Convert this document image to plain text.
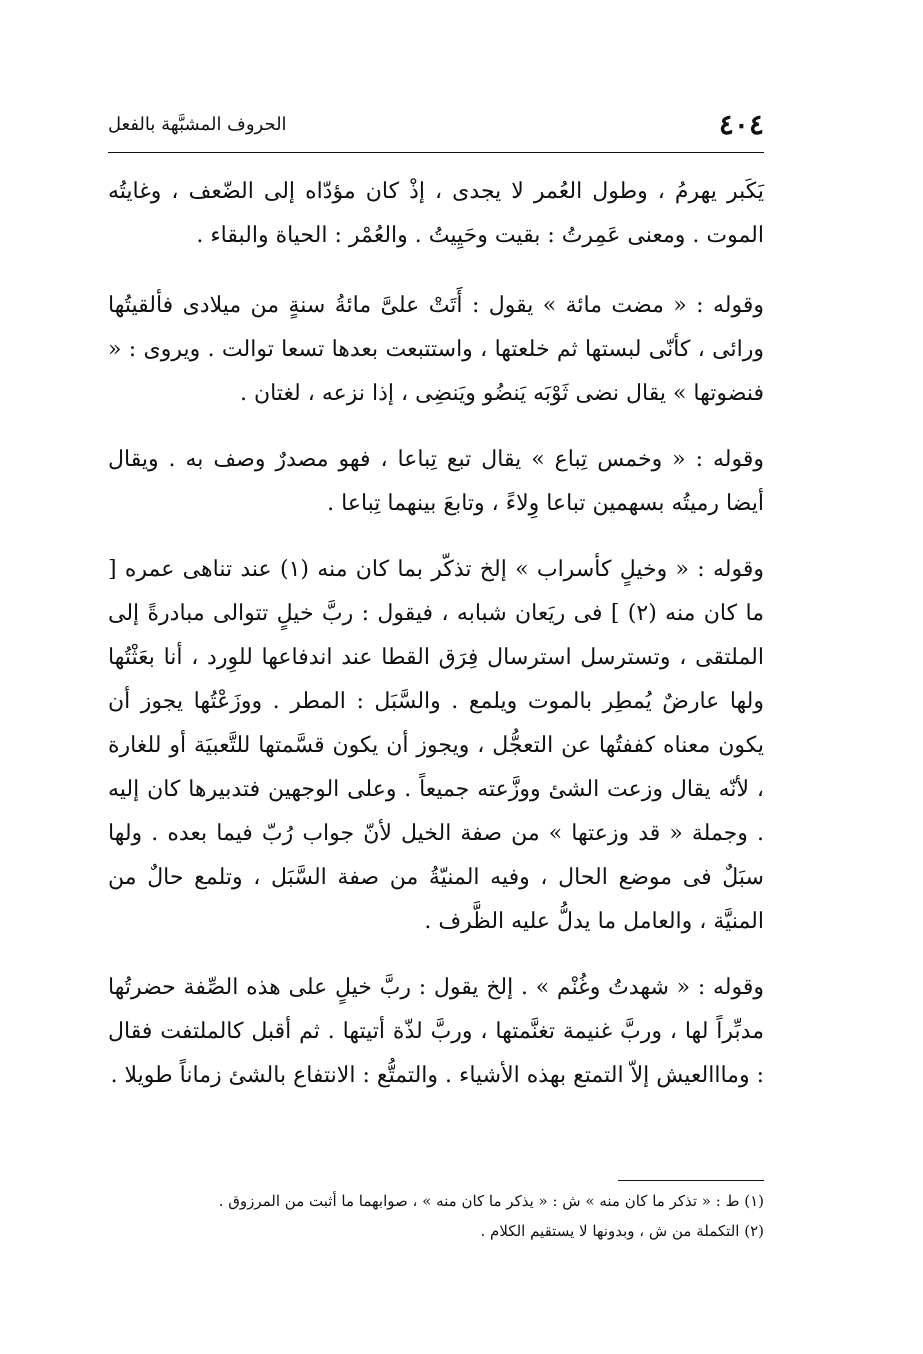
٤٠٤
الحروف المشبَّهة بالفعل

يَكَبر يهرمُ ، وطول العُمر لا يجدى ، إذْ كان مؤدّاه إلى الضّعف ، وغايتُه الموت . ومعنى عَمِرتُ : بقيت وحَيِيتُ . والعُمْر : الحياة والبقاء .

وقوله : « مضت مائة » يقول : أَتَتْ علىَّ مائةُ سنةٍ من ميلادى فألقيتُها ورائى ، كأنّى لبستها ثم خلعتها ، واستتبعت بعدها تسعا توالت . ويروى : « فنضوتها » يقال نضى ثَوْبَه يَنضُو ويَنضِى ، إذا نزعه ، لغتان .

وقوله : « وخمس تِباع » يقال تبع تِباعا ، فهو مصدرٌ وصف به . ويقال أيضا رميتُه بسهمين تباعا وِلاءً ، وتابعَ بينهما تِباعا .

وقوله : « وخيلٍ كأسراب » إلخ تذكّر بما كان منه (١) عند تناهى عمره [ ما كان منه (٢) ] فى ريَعان شبابه ، فيقول : ربَّ خيلٍ تتوالى مبادرةً إلى الملتقى ، وتسترسل استرسال فِرَق القطا عند اندفاعها للوِرد ، أنا بعَثْتُها ولها عارضٌ يُمطِر بالموت ويلمع . والسَّبَل : المطر . ووزَعْتُها يجوز أن يكون معناه كففتُها عن التعجُّل ، ويجوز أن يكون قسَّمتها للتَّعبيَة أو للغارة ، لأنّه يقال وزعت الشئ ووزَّعته جميعاً . وعلى الوجهين فتدبيرها كان إليه . وجملة « قد وزعتها » من صفة الخيل لأنّ جواب رُبّ فيما بعده . ولها سبَلٌ فى موضع الحال ، وفيه المنيّةُ من صفة السَّبَل ، وتلمع حالٌ من المنيَّة ، والعامل ما يدلُّ عليه الظَّرف .

وقوله : « شهدتُ وغُنْم » . إلخ يقول : ربَّ خيلٍ على هذه الصِّفة حضرتُها مدبِّراً لها ، وربَّ غنيمة تغنَّمتها ، وربَّ لذّة أتيتها . ثم أقبل كالملتفت فقال : ومااالعيش إلاّ التمتع بهذه الأشياء . والتمتُّع : الانتفاع بالشئ زماناً طويلا .

(١) ط : « تذكر ما كان منه » ش : « يذكر ما كان منه » ، صوابهما ما أثبت من المرزوق .

(٢) التكملة من ش ، وبدونها لا يستقيم الكلام .
